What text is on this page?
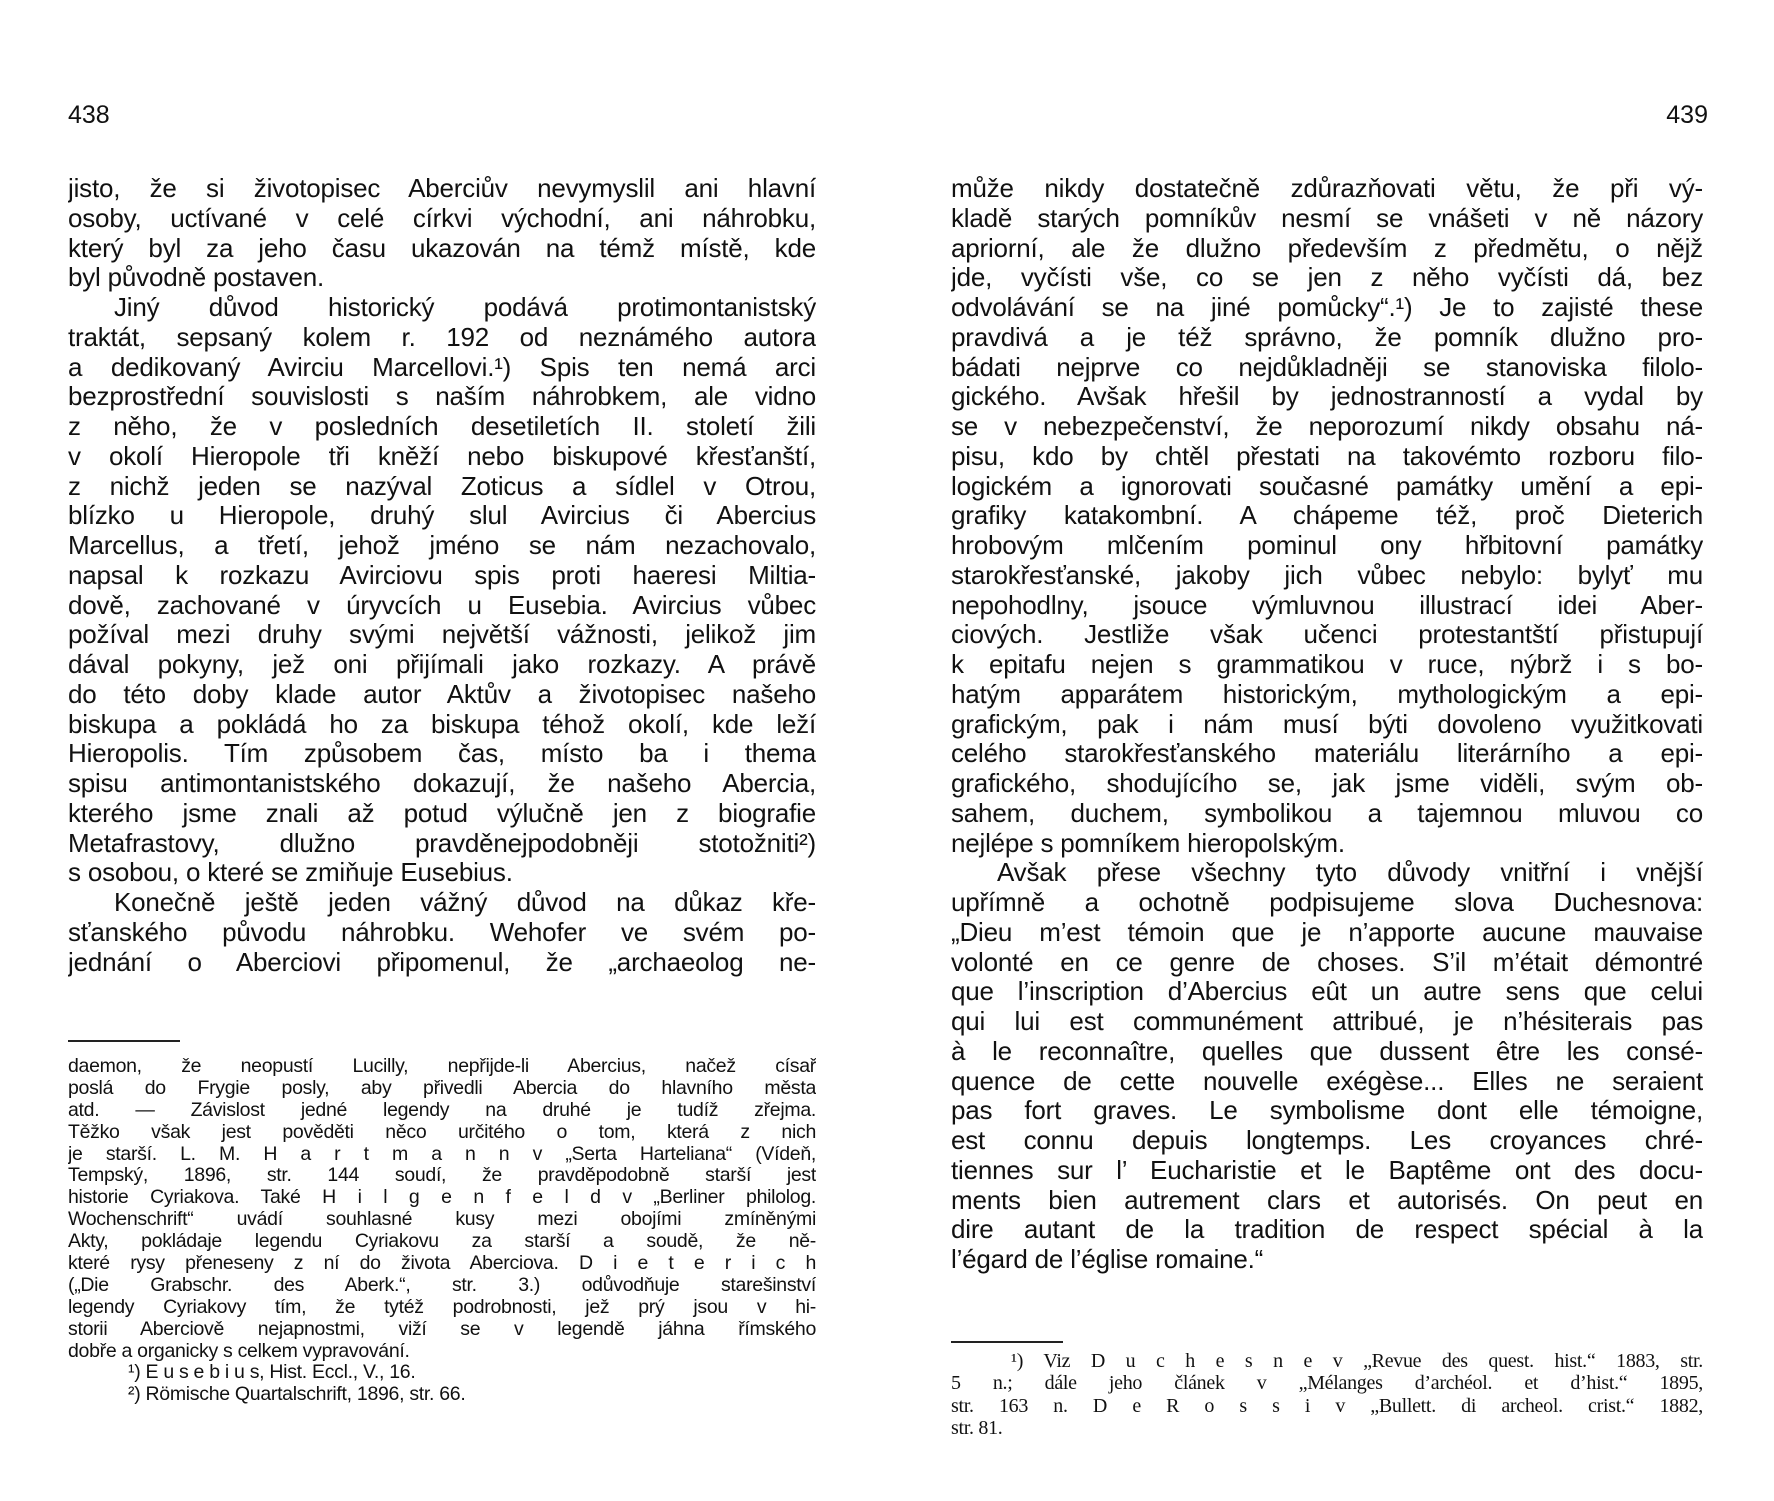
438
jisto, že si životopisec Aberciův nevymyslil ani hlavní
osoby, uctívané v celé církvi východní, ani náhrobku,
který byl za jeho času ukazován na témž místě, kde
byl původně postaven.
Jiný důvod historický podává protimontanistský
traktát, sepsaný kolem r. 192 od neznámého autora
a dedikovaný Avirciu Marcellovi.¹) Spis ten nemá arci
bezprostřední souvislosti s naším náhrobkem, ale vidno
z něho, že v posledních desetiletích II. století žili
v okolí Hieropole tři kněží nebo biskupové křesťanští,
z nichž jeden se nazýval Zoticus a sídlel v Otrou,
blízko u Hieropole, druhý slul Avircius či Abercius
Marcellus, a třetí, jehož jméno se nám nezachovalo,
napsal k rozkazu Avirciovu spis proti haeresi Miltia-
dově, zachované v úryvcích u Eusebia. Avircius vůbec
požíval mezi druhy svými největší vážnosti, jelikož jim
dával pokyny, jež oni přijímali jako rozkazy. A právě
do této doby klade autor Aktův a životopisec našeho
biskupa a pokládá ho za biskupa téhož okolí, kde leží
Hieropolis. Tím způsobem čas, místo ba i thema
spisu antimontanistského dokazují, že našeho Abercia,
kterého jsme znali až potud výlučně jen z biografie
Metafrastovy, dlužno pravděnejpodobněji stotožniti²)
s osobou, o které se zmiňuje Eusebius.
Konečně ještě jeden vážný důvod na důkaz kře-
sťanského původu náhrobku. Wehofer ve svém po-
jednání o Aberciovi připomenul, že „archaeolog ne-
daemon, že neopustí Lucilly, nepřijde-li Abercius, načež císař
poslá do Frygie posly, aby přivedli Abercia do hlavního města
atd. — Závislost jedné legendy na druhé je tudíž zřejma.
Těžko však jest pověděti něco určitého o tom, která z nich
je starší. L. M. H a r t m a n n v „Serta Harteliana“ (Vídeň,
Tempský, 1896, str. 144 soudí, že pravděpodobně starší jest
historie Cyriakova. Také H i l g e n f e l d v „Berliner philolog.
Wochenschrift“ uvádí souhlasné kusy mezi obojími zmíněnými
Akty, pokládaje legendu Cyriakovu za starší a soudě, že ně-
které rysy přeneseny z ní do života Aberciova. D i e t e r i c h
(„Die Grabschr. des Aberk.“, str. 3.) odůvodňuje starešinství
legendy Cyriakovy tím, že tytéž podrobnosti, jež prý jsou v hi-
storii Aberciově nejapnostmi, viží se v legendě jáhna římského
dobře a organicky s celkem vypravování.
¹) E u s e b i u s, Hist. Eccl., V., 16.
²) Römische Quartalschrift, 1896, str. 66.
439
může nikdy dostatečně zdůrazňovati větu, že při vý-
kladě starých pomníkův nesmí se vnášeti v ně názory
apriorní, ale že dlužno především z předmětu, o nějž
jde, vyčísti vše, co se jen z něho vyčísti dá, bez
odvolávání se na jiné pomůcky“.¹) Je to zajisté these
pravdivá a je též správno, že pomník dlužno pro-
bádati nejprve co nejdůkladněji se stanoviska filolo-
gického. Avšak hřešil by jednostranností a vydal by
se v nebezpečenství, že neporozumí nikdy obsahu ná-
pisu, kdo by chtěl přestati na takovémto rozboru filo-
logickém a ignorovati současné památky umění a epi-
grafiky katakombní. A chápeme též, proč Dieterich
hrobovým mlčením pominul ony hřbitovní památky
starokřesťanské, jakoby jich vůbec nebylo: bylyť mu
nepohodlny, jsouce výmluvnou illustrací idei Aber-
ciových. Jestliže však učenci protestantští přistupují
k epitafu nejen s grammatikou v ruce, nýbrž i s bo-
hatým apparátem historickým, mythologickým a epi-
grafickým, pak i nám musí býti dovoleno využitkovati
celého starokřesťanského materiálu literárního a epi-
grafického, shodujícího se, jak jsme viděli, svým ob-
sahem, duchem, symbolikou a tajemnou mluvou co
nejlépe s pomníkem hieropolským.
Avšak přese všechny tyto důvody vnitřní i vnější
upřímně a ochotně podpisujeme slova Duchesnova:
„Dieu m’est témoin que je n’apporte aucune mauvaise
volonté en ce genre de choses. S’il m’était démontré
que l’inscription d’Abercius eût un autre sens que celui
qui lui est communément attribué, je n’hésiterais pas
à le reconnaître, quelles que dussent être les consé-
quence de cette nouvelle exégèse... Elles ne seraient
pas fort graves. Le symbolisme dont elle témoigne,
est connu depuis longtemps. Les croyances chré-
tiennes sur l’ Eucharistie et le Baptême ont des docu-
ments bien autrement clars et autorisés. On peut en
dire autant de la tradition de respect spécial à la
l’égard de l’église romaine.“
¹) Viz D u c h e s n e v „Revue des quest. hist.“ 1883, str.
5 n.; dále jeho článek v „Mélanges d’archéol. et d’hist.“ 1895,
str. 163 n. D e R o s s i v „Bullett. di archeol. crist.“ 1882,
str. 81.
